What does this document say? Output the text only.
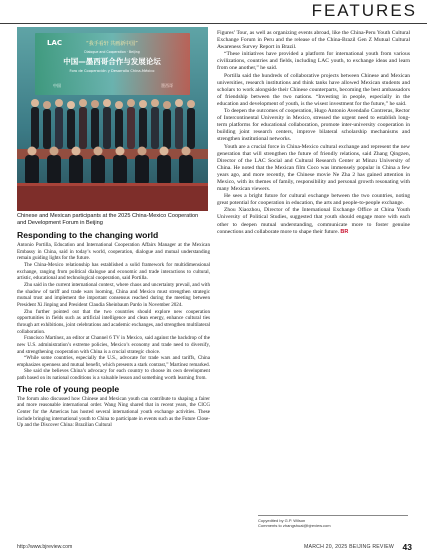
FEATURES
LAC	“我手看轩 共画新中国”
Dialogue and Cooperation · Beijing
中国—墨西哥合作与发展论坛
Foro de Cooperación y Desarrollo China-México
中国	墨西哥
Chinese and Mexican participants at the 2025 China-Mexico Cooperation and Development Forum in Beijing
Responding to the changing world

Antonio Portilla, Education and International Cooperation Affairs Manager at the Mexican Embassy in China, said in today’s world, cooperation, dialogue and mutual understanding remain guiding lights for the future.

The China-Mexico relationship has established a solid framework for multidimensional exchange, ranging from political dialogue and economic and trade interactions to cultural, artistic, educational and technological cooperation, said Portilla.

Zhu said in the current international context, where chaos and uncertainty prevail, and with the shadow of tariff and trade wars looming, China and Mexico must strengthen strategic mutual trust and implement the important consensus reached during the meeting between President Xi Jinping and President Claudia Sheinbaum Pardo in November 2024.

Zhu further pointed out that the two countries should explore new cooperation opportunities in fields such as artificial intelligence and clean energy, enhance cultural ties through art exhibitions, joint celebrations and academic exchanges, and strengthen multilateral collaboration.

Francisco Martínez, an editor at Channel 6 TV in Mexico, said against the backdrop of the new U.S. administration’s extreme policies, Mexico’s economy and trade need to diversify, and strengthening cooperation with China is a crucial strategic choice.

“While some countries, especially the U.S., advocate for trade wars and tariffs, China emphasizes openness and mutual benefit, which presents a stark contrast,” Martínez remarked.

She said she believes China’s advocacy for each country to choose its own development path based on its national conditions is a valuable lesson and something worth learning from.

The role of young people

The forum also discussed how Chinese and Mexican youth can contribute to shaping a fairer and more reasonable international order. Wang Ning shared that in recent years, the CICG Center for the Americas has hosted several international youth exchange activities. These include bringing international youth to China to participate in events such as the Future Close-Up and the Discover China: Brazilian Cultural

Figures’ Tour, as well as organizing events abroad, like the China-Peru Youth Cultural Exchange Forum in Peru and the release of the China-Brazil Gen Z Mutual Cultural Awareness Survey Report in Brazil.

“These initiatives have provided a platform for international youth from various civilizations, countries and fields, including LAC youth, to exchange ideas and learn from one another,” he said.

Portilla said the hundreds of collaborative projects between Chinese and Mexican universities, research institutions and think tanks have allowed Mexican students and scholars to work alongside their Chinese counterparts, becoming the best ambassadors of friendship between the two nations. “Investing in people, especially in the education and development of youth, is the wisest investment for the future,” he said.

To deepen the outcomes of cooperation, Hugo Antonio Avendaño Contreras, Rector of Intercontinental University in Mexico, stressed the urgent need to establish long-term platforms for educational collaboration, promote inter-university cooperation in building joint research centers, improve bilateral scholarship mechanisms and strengthen institutional networks.

Youth are a crucial force in China-Mexico cultural exchange and represent the new generation that will strengthen the future of friendly relations, said Zhang Qingzen, Director of the LAC Social and Cultural Research Center at Minzu University of China. He noted that the Mexican film Coco was immensely popular in China a few years ago, and more recently, the Chinese movie Ne Zha 2 has gained attention in Mexico, with its themes of family, responsibility and personal growth resonating with many Mexican viewers.

He sees a bright future for cultural exchange between the two countries, noting great potential for cooperation in education, the arts and people-to-people exchange.

Zhou Xiaozhou, Director of the International Exchange Office at China Youth University of Political Studies, suggested that youth should engage more with each other to deepen mutual understanding, communicate more to foster genuine connections and collaborate more to shape their future. BR

Copyedited by G.P. Wilson
Comments to zhangshuai@bjreview.com
http://www.bjreview.com	MARCH 20, 2025 BEIJING REVIEW 43
